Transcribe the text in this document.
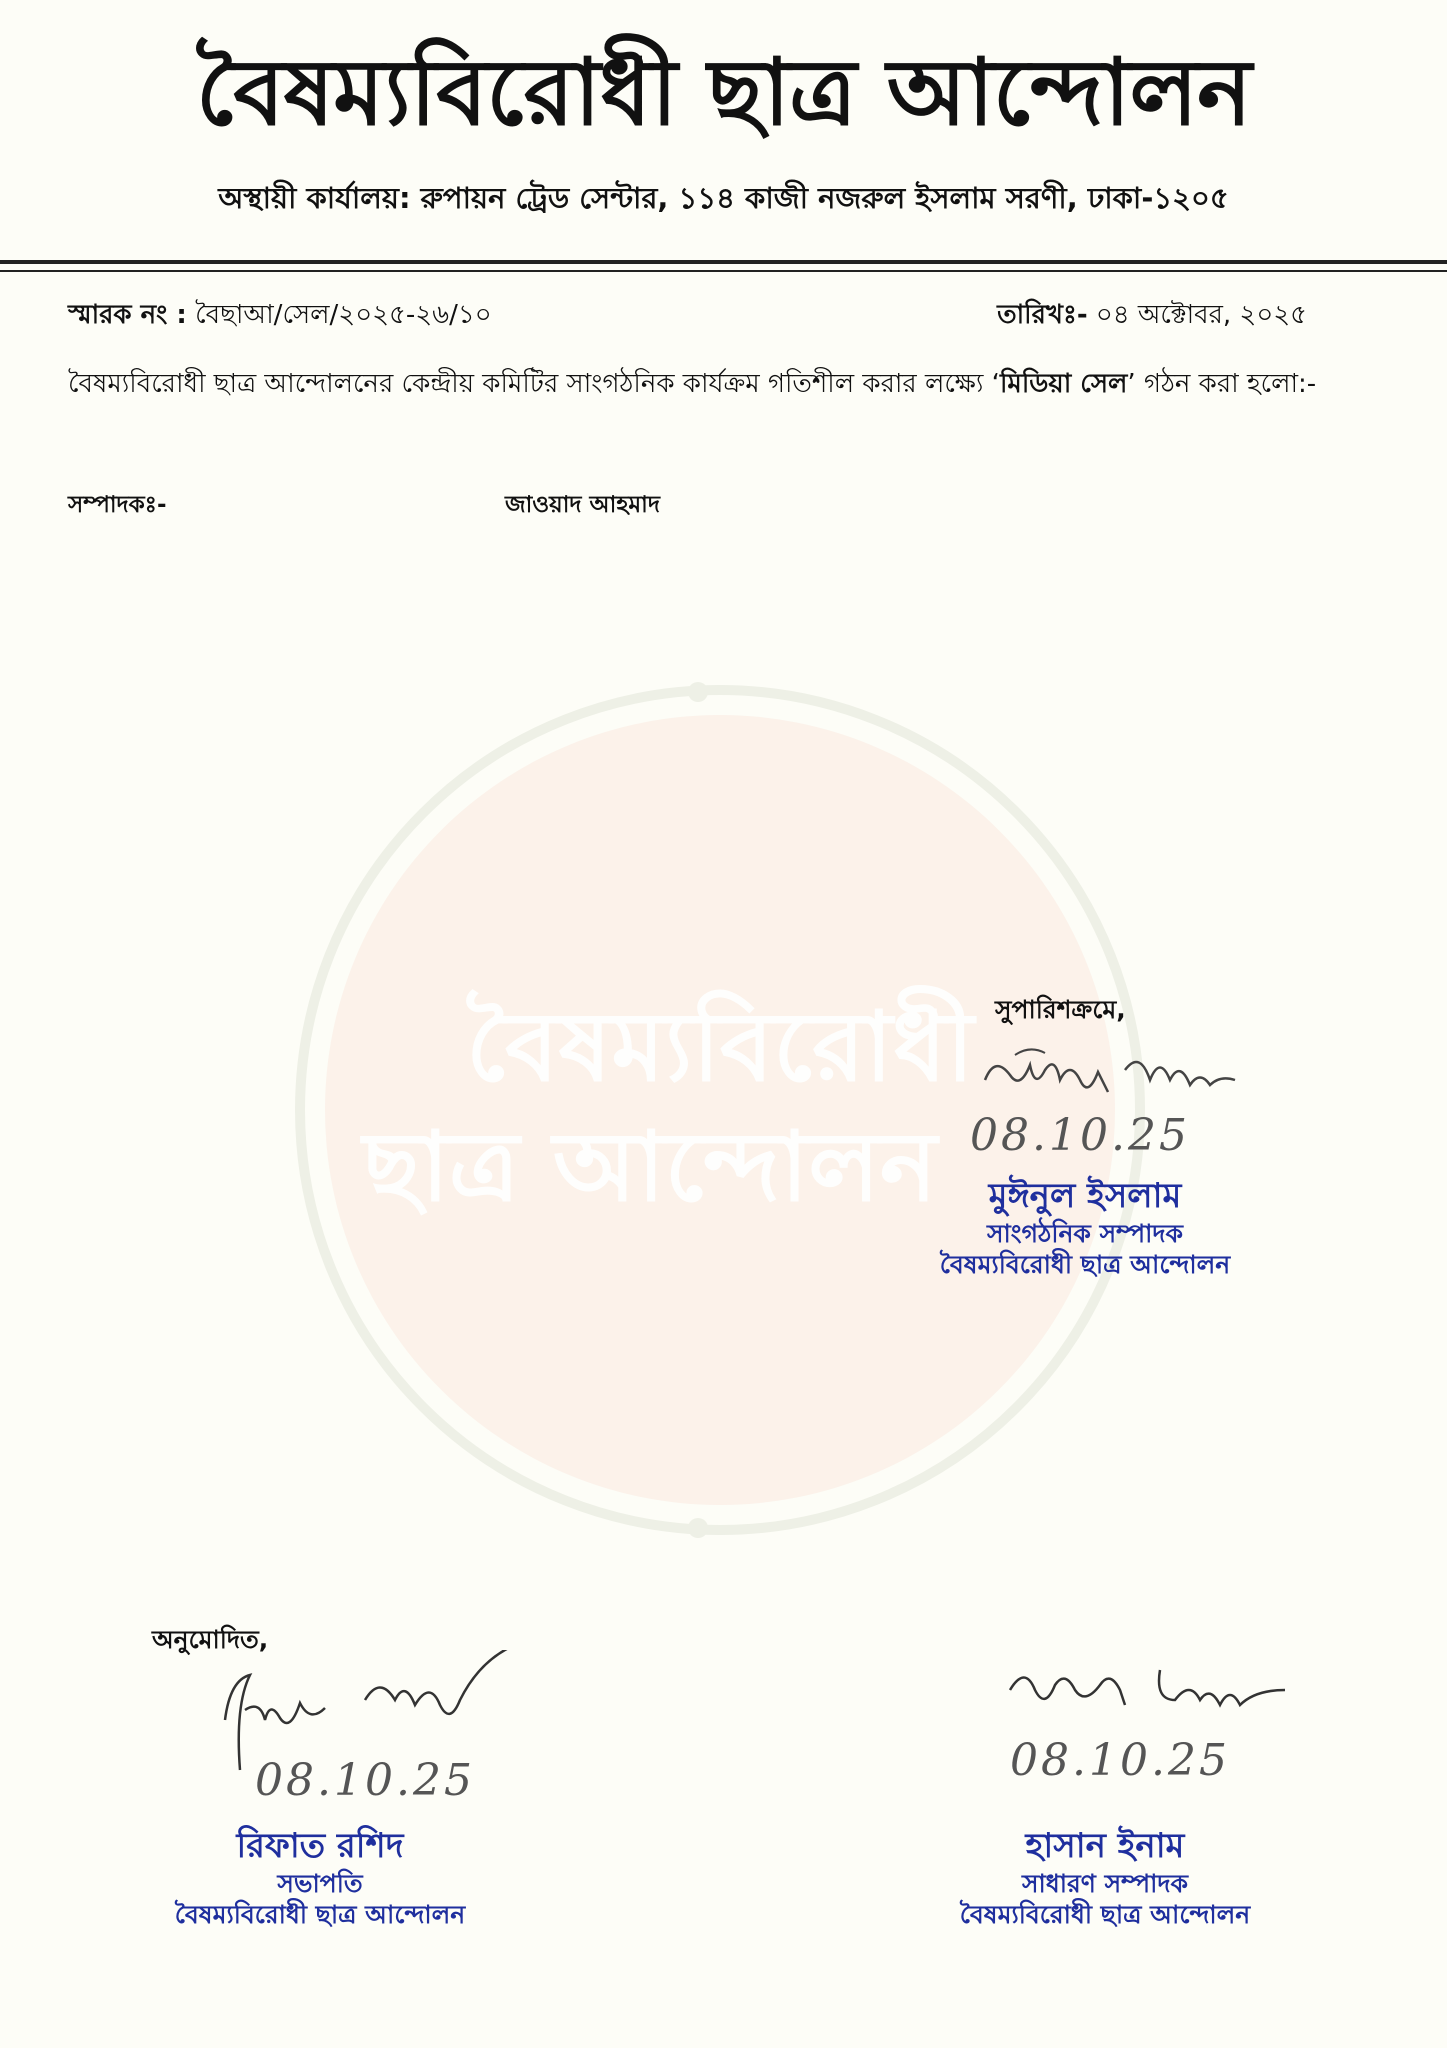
বৈষম্যবিরোধী ছাত্র আন্দোলন
অস্থায়ী কার্যালয়: রুপায়ন ট্রেড সেন্টার, ১১৪ কাজী নজরুল ইসলাম সরণী, ঢাকা-১২০৫
বৈষম্যবিরোধী
ছাত্র আন্দোলন
স্মারক নং : বৈছাআ/সেল/২০২৫-২৬/১০	তারিখঃ- ০৪ অক্টোবর, ২০২৫
বৈষম্যবিরোধী ছাত্র আন্দোলনের কেন্দ্রীয় কমিটির সাংগঠনিক কার্যক্রম গতিশীল করার লক্ষ্যে ‘মিডিয়া সেল’ গঠন করা হলো:-
সম্পাদকঃ-	জাওয়াদ আহমাদ
সুপারিশক্রমে,
08.10.25
মুঈনুল ইসলাম
সাংগঠনিক সম্পাদক
বৈষম্যবিরোধী ছাত্র আন্দোলন
অনুমোদিত,
08.10.25
রিফাত রশিদ
সভাপতি
বৈষম্যবিরোধী ছাত্র আন্দোলন
08.10.25
হাসান ইনাম
সাধারণ সম্পাদক
বৈষম্যবিরোধী ছাত্র আন্দোলন
